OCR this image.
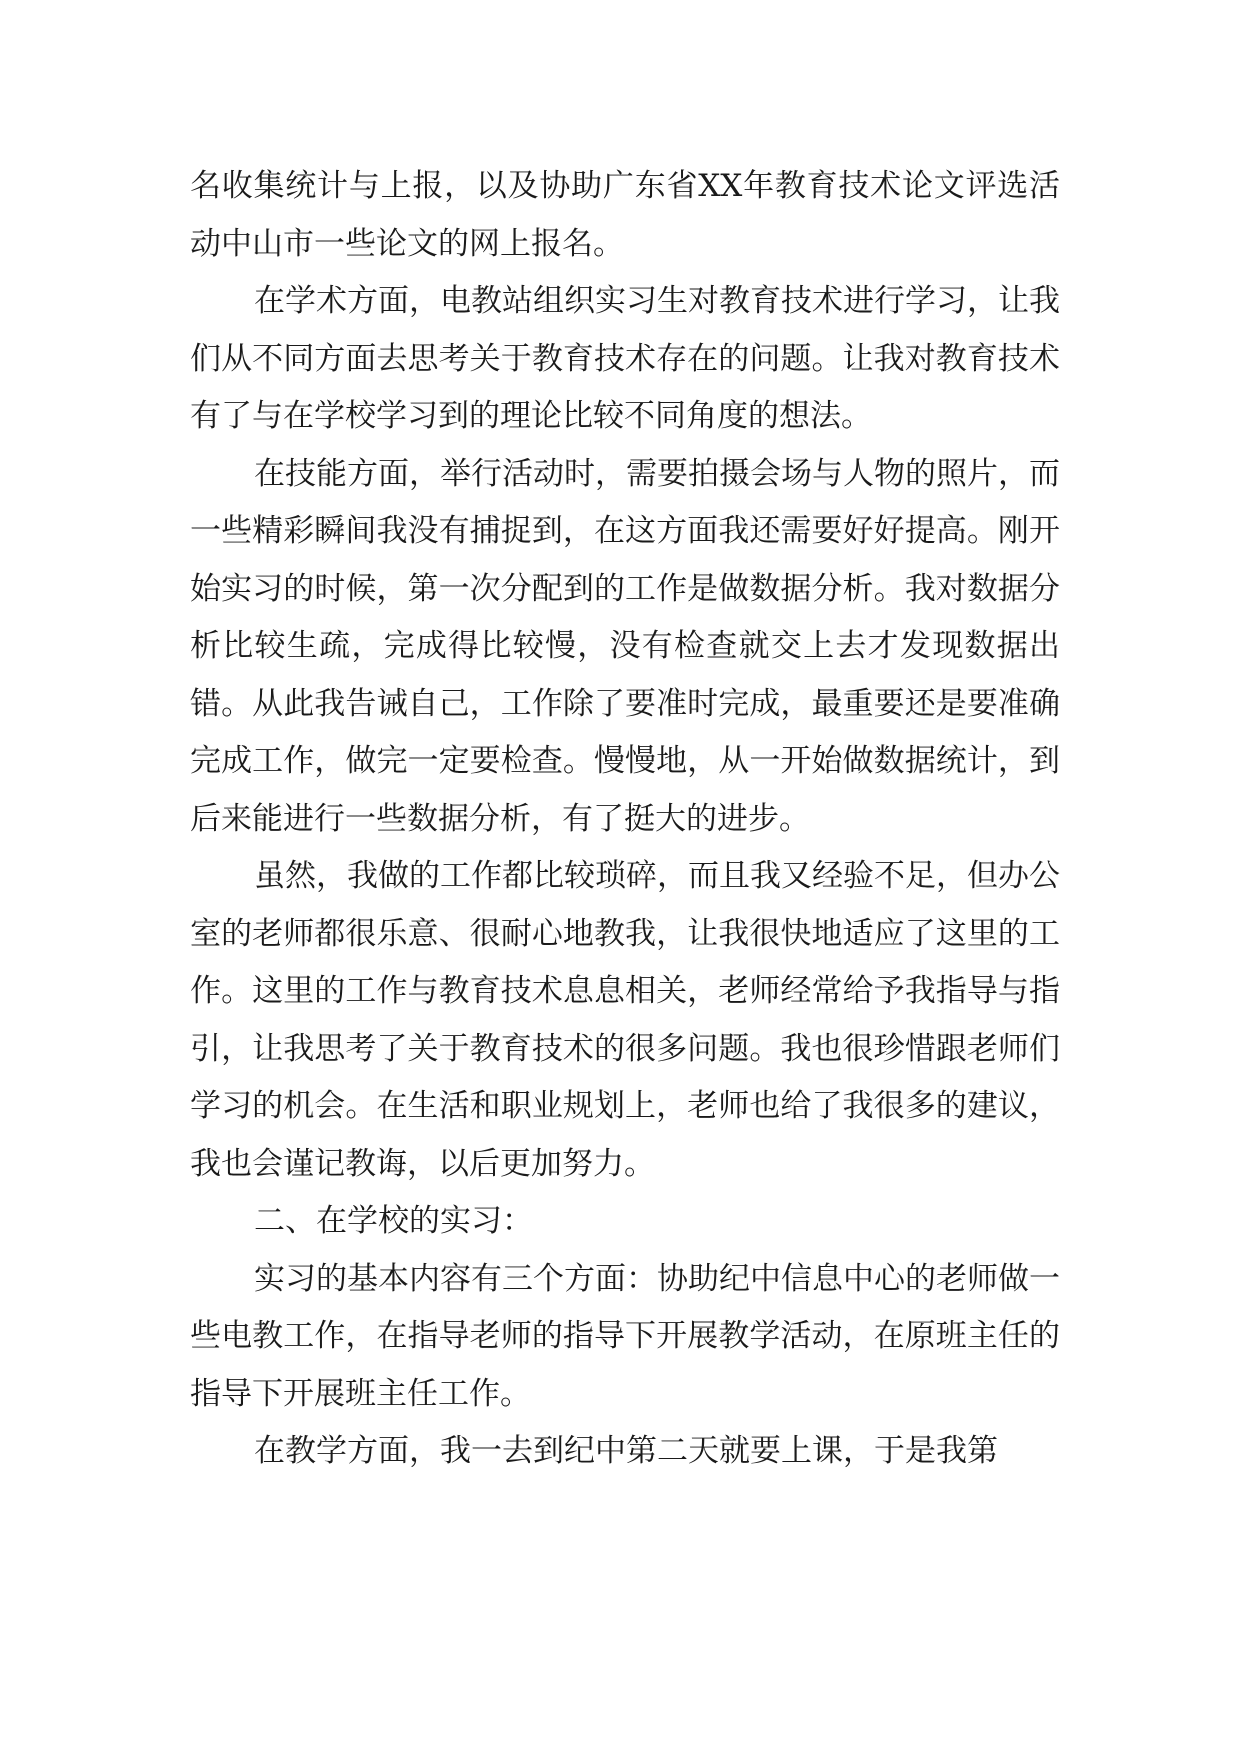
名收集统计与上报，以及协助广东省XX年教育技术论文评选活动中山市一些论文的网上报名。

在学术方面，电教站组织实习生对教育技术进行学习，让我们从不同方面去思考关于教育技术存在的问题。让我对教育技术有了与在学校学习到的理论比较不同角度的想法。

在技能方面，举行活动时，需要拍摄会场与人物的照片，而一些精彩瞬间我没有捕捉到，在这方面我还需要好好提高。刚开始实习的时候，第一次分配到的工作是做数据分析。我对数据分析比较生疏，完成得比较慢，没有检查就交上去才发现数据出错。从此我告诫自己，工作除了要准时完成，最重要还是要准确完成工作，做完一定要检查。慢慢地，从一开始做数据统计，到后来能进行一些数据分析，有了挺大的进步。

虽然，我做的工作都比较琐碎，而且我又经验不足，但办公室的老师都很乐意、很耐心地教我，让我很快地适应了这里的工作。这里的工作与教育技术息息相关，老师经常给予我指导与指引，让我思考了关于教育技术的很多问题。我也很珍惜跟老师们学习的机会。在生活和职业规划上，老师也给了我很多的建议，我也会谨记教诲，以后更加努力。

二、在学校的实习：

实习的基本内容有三个方面：协助纪中信息中心的老师做一些电教工作，在指导老师的指导下开展教学活动，在原班主任的指导下开展班主任工作。

在教学方面，我一去到纪中第二天就要上课，于是我第
